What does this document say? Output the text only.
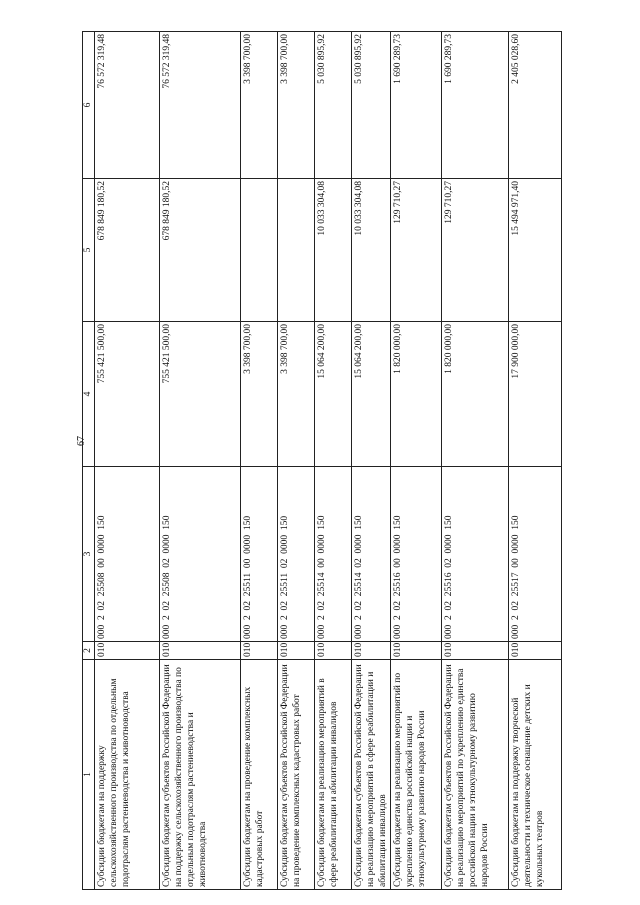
67
1	2	3	4	5	6
Субсидии бюджетам на поддержку сельскохозяйственного производства по отдельным подотраслям растениеводства и животноводства	010	000  2  02  25508  00  0000  150	755 421 500,00	678 849 180,52	76 572 319,48
Субсидии бюджетам субъектов Российской Федерации на поддержку сельскохозяйственного производства по отдельным подотраслям растениеводства и животноводства	010	000  2  02  25508  02  0000  150	755 421 500,00	678 849 180,52	76 572 319,48
Субсидии бюджетам на проведение комплексных кадастровых работ	010	000  2  02  25511  00  0000  150	3 398 700,00		3 398 700,00
Субсидии бюджетам субъектов Российской Федерации на проведение комплексных кадастровых работ	010	000  2  02  25511  02  0000  150	3 398 700,00		3 398 700,00
Субсидии бюджетам на реализацию мероприятий в сфере реабилитации и абилитации инвалидов	010	000  2  02  25514  00  0000  150	15 064 200,00	10 033 304,08	5 030 895,92
Субсидии бюджетам субъектов Российской Федерации на реализацию мероприятий в сфере реабилитации и абилитации инвалидов	010	000  2  02  25514  02  0000  150	15 064 200,00	10 033 304,08	5 030 895,92
Субсидии бюджетам на реализацию мероприятий по укреплению единства российской нации и этнокультурному развитию народов России	010	000  2  02  25516  00  0000  150	1 820 000,00	129 710,27	1 690 289,73
Субсидии бюджетам субъектов Российской Федерации на реализацию мероприятий по укреплению единства российской нации и этнокультурному развитию народов России	010	000  2  02  25516  02  0000  150	1 820 000,00	129 710,27	1 690 289,73
Субсидии бюджетам на поддержку творческой деятельности и техническое оснащение детских и кукольных театров	010	000  2  02  25517  00  0000  150	17 900 000,00	15 494 971,40	2 405 028,60
